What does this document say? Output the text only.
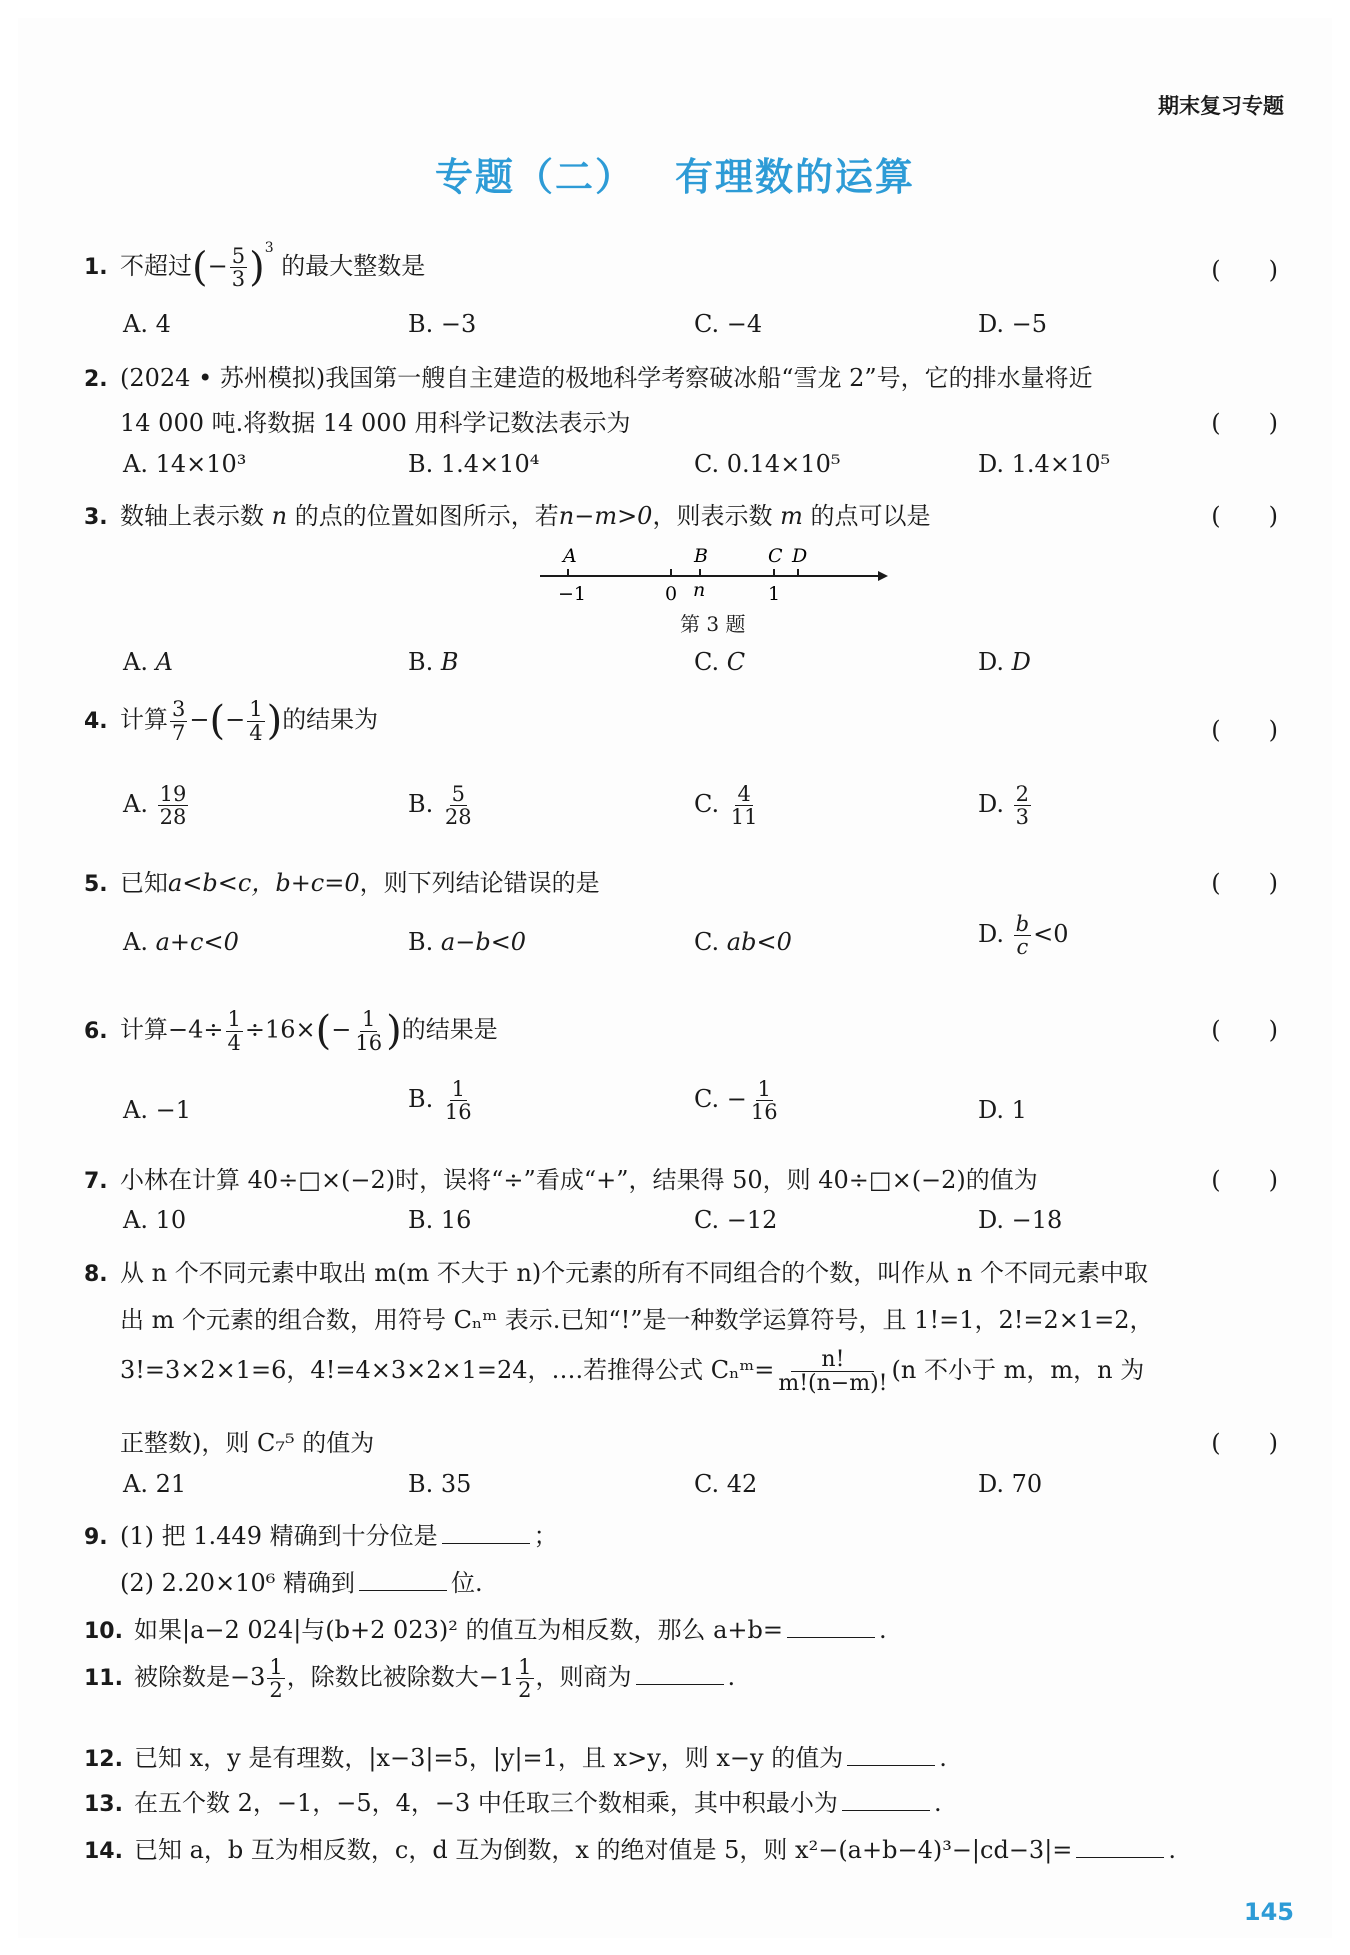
期末复习专题
专题（二） 有理数的运算
1. 不超过(− $\frac{5}{3} )^3$ 的最大整数是	(　　)
A. 4	B. −3	C. −4	D. −5
2. (2024 • 苏州模拟)我国第一艘自主建造的极地科学考察破冰船“雪龙 2”号，它的排水量将近
14 000 吨.将数据 14 000 用科学记数法表示为	(　　)
A. 14×10³	B. 1.4×10⁴	C. 0.14×10⁵	D. 1.4×10⁵
3. 数轴上表示数 n 的点的位置如图所示，若n−m>0，则表示数 m 的点可以是	(　　)
A	B	C D
−1	0 n	1
第 3 题
A. A	B. B	C. C	D. D
4. 计算 $\frac{3}{7}$ −(− $\frac{1}{4}$ )的结果为	(　　)
A. $\frac{19}{28}$	B. $\frac{5}{28}$	C. $\frac{4}{11}$	D. $\frac{2}{3}$
5. 已知a<b<c，b+c=0，则下列结论错误的是	(　　)
A. a+c<0	B. a−b<0	C. ab<0	D. $\frac{b}{c} <0$
6. 计算$-4\div \frac{1}{4} \div 16\times(- \frac{1}{16}$ )的结果是	(　　)
A. −1	B. $\frac{1}{16}$	C. − $\frac{1}{16}$	D. 1
7. 小林在计算 40÷□×(−2)时，误将“÷”看成“+”，结果得 50，则 40÷□×(−2)的值为	(　　)
A. 10	B. 16	C. −12	D. −18
8. 从 n 个不同元素中取出 m(m 不大于 n)个元素的所有不同组合的个数，叫作从 n 个不同元素中取
出 m 个元素的组合数，用符号 Cₙᵐ 表示.已知“!”是一种数学运算符号，且 1!=1，2!=2×1=2，
3!=3×2×1=6，4!=4×3×2×1=24，….若推得公式 Cₙᵐ= $\frac{n!}{m!(n-m)!} (n$ 不小于 m，m，n 为
正整数)，则 C₇⁵ 的值为	(　　)
A. 21	B. 35	C. 42	D. 70
9. (1) 把 1.449 精确到十分位是	；
(2) 2.20×10⁶ 精确到	位.
10. 如果|a−2 024|与(b+2 023)² 的值互为相反数，那么 a+b=	.
11. 被除数是$-3 \frac{1}{2}$ ，除数比被除数大$-1 \frac{1}{2}$ ，则商为	.
12. 已知 x，y 是有理数，|x−3|=5，|y|=1，且 x>y，则 x−y 的值为	.
13. 在五个数 2，−1，−5，4，−3 中任取三个数相乘，其中积最小为	.
14. 已知 a，b 互为相反数，c，d 互为倒数，x 的绝对值是 5，则 x²−(a+b−4)³−|cd−3|=	.
145
